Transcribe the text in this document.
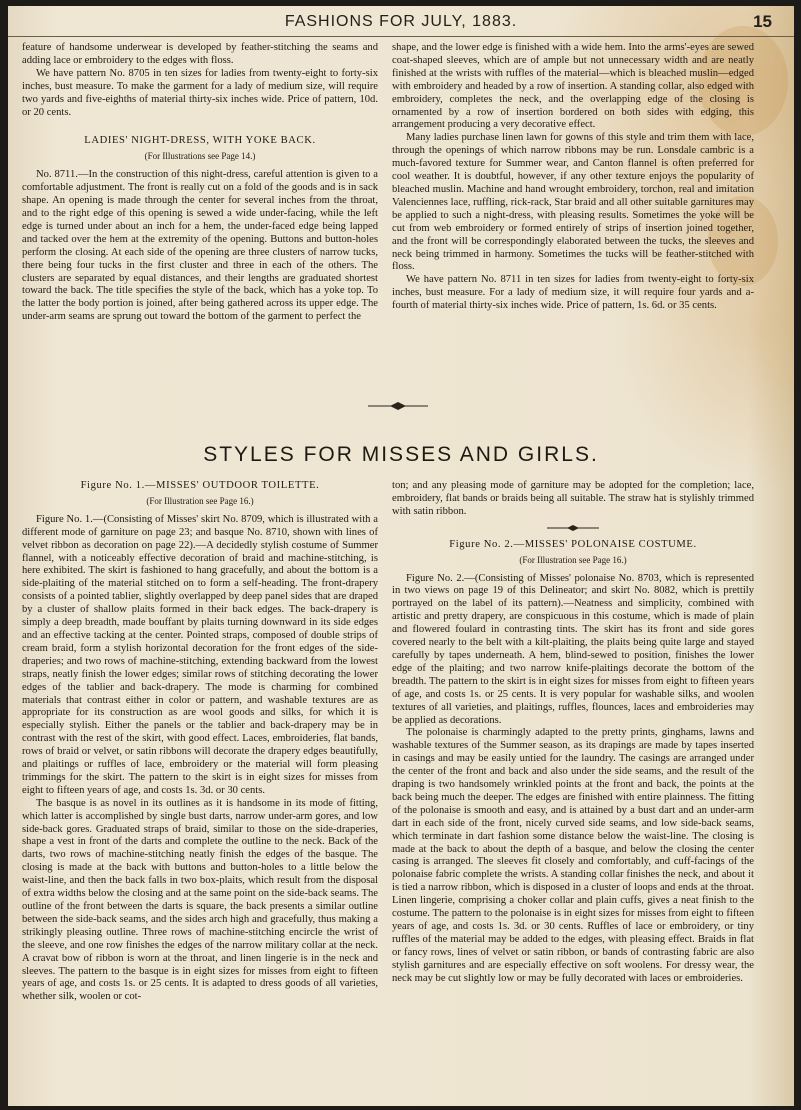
FASHIONS FOR JULY, 1883.	15

feature of handsome underwear is developed by feather-stitching the seams and adding lace or embroidery to the edges with floss.

We have pattern No. 8705 in ten sizes for ladies from twenty-eight to forty-six inches, bust measure. To make the garment for a lady of medium size, will require two yards and five-eighths of material thirty-six inches wide. Price of pattern, 10d. or 20 cents.

LADIES' NIGHT-DRESS, WITH YOKE BACK.
(For Illustrations see Page 14.)

No. 8711.—In the construction of this night-dress, careful attention is given to a comfortable adjustment. The front is really cut on a fold of the goods and is in sack shape. An opening is made through the center for several inches from the throat, and to the right edge of this opening is sewed a wide under-facing, while the left edge is turned under about an inch for a hem, the under-faced edge being lapped and tacked over the hem at the extremity of the opening. Buttons and button-holes perform the closing. At each side of the opening are three clusters of narrow tucks, there being four tucks in the first cluster and three in each of the others. The clusters are separated by equal distances, and their lengths are graduated shortest toward the back. The title specifies the style of the back, which has a yoke top. To the latter the body portion is joined, after being gathered across its upper edge. The under-arm seams are sprung out toward the bottom of the garment to perfect the

shape, and the lower edge is finished with a wide hem. Into the arms'-eyes are sewed coat-shaped sleeves, which are of ample but not unnecessary width and are neatly finished at the wrists with ruffles of the material—which is bleached muslin—edged with embroidery and headed by a row of insertion. A standing collar, also edged with embroidery, completes the neck, and the overlapping edge of the closing is ornamented by a row of insertion bordered on both sides with edging, this arrangement producing a very decorative effect.

Many ladies purchase linen lawn for gowns of this style and trim them with lace, through the openings of which narrow ribbons may be run. Lonsdale cambric is a much-favored texture for Summer wear, and Canton flannel is often preferred for cool weather. It is doubtful, however, if any other texture enjoys the popularity of bleached muslin. Machine and hand wrought embroidery, torchon, real and imitation Valenciennes lace, ruffling, rick-rack, Star braid and all other suitable garnitures may be applied to such a night-dress, with pleasing results. Sometimes the yoke will be cut from web embroidery or formed entirely of strips of insertion joined together, and the front will be correspondingly elaborated between the tucks, the sleeves and neck being trimmed in harmony. Sometimes the tucks will be feather-stitched with floss.

We have pattern No. 8711 in ten sizes for ladies from twenty-eight to forty-six inches, bust measure. For a lady of medium size, it will require four yards and a-fourth of material thirty-six inches wide. Price of pattern, 1s. 6d. or 35 cents.

STYLES FOR MISSES AND GIRLS.
Figure No. 1.—MISSES' OUTDOOR TOILETTE.
(For Illustration see Page 16.)

Figure No. 1.—(Consisting of Misses' skirt No. 8709, which is illustrated with a different mode of garniture on page 23; and basque No. 8710, shown with lines of velvet ribbon as decoration on page 22).—A decidedly stylish costume of Summer flannel, with a noticeably effective decoration of braid and machine-stitching, is here exhibited. The skirt is fashioned to hang gracefully, and about the bottom is a side-plaiting of the material stitched on to form a self-heading. The front-drapery consists of a pointed tablier, slightly overlapped by deep panel sides that are draped by a cluster of shallow plaits formed in their back edges. The back-drapery is simply a deep breadth, made bouffant by plaits turning downward in its side edges and an effective tacking at the center. Pointed straps, composed of double strips of cream braid, form a stylish horizontal decoration for the front edges of the side-draperies; and two rows of machine-stitching, extending backward from the lowest straps, neatly finish the lower edges; similar rows of stitching decorating the lower edges of the tablier and back-drapery. The mode is charming for combined materials that contrast either in color or pattern, and washable textures are as appropriate for its construction as are wool goods and silks, for which it is especially stylish. Either the panels or the tablier and back-drapery may be in contrast with the rest of the skirt, with good effect. Laces, embroideries, flat bands, rows of braid or velvet, or satin ribbons will decorate the drapery edges beautifully, and plaitings or ruffles of lace, embroidery or the material will form pleasing trimmings for the skirt. The pattern to the skirt is in eight sizes for misses from eight to fifteen years of age, and costs 1s. 3d. or 30 cents.

The basque is as novel in its outlines as it is handsome in its mode of fitting, which latter is accomplished by single bust darts, narrow under-arm gores, and low side-back gores. Graduated straps of braid, similar to those on the side-draperies, shape a vest in front of the darts and complete the outline to the neck. Back of the darts, two rows of machine-stitching neatly finish the edges of the basque. The closing is made at the back with buttons and button-holes to a little below the waist-line, and then the back falls in two box-plaits, which result from the disposal of extra widths below the closing and at the same point on the side-back seams. The outline of the front between the darts is square, the back presents a similar outline between the side-back seams, and the sides arch high and gracefully, thus making a strikingly pleasing outline. Three rows of machine-stitching encircle the wrist of the sleeve, and one row finishes the edges of the narrow military collar at the neck. A cravat bow of ribbon is worn at the throat, and linen lingerie is in the neck and sleeves. The pattern to the basque is in eight sizes for misses from eight to fifteen years of age, and costs 1s. or 25 cents. It is adapted to dress goods of all varieties, whether silk, woolen or cot-

ton; and any pleasing mode of garniture may be adopted for the completion; lace, embroidery, flat bands or braids being all suitable. The straw hat is stylishly trimmed with satin ribbon.

Figure No. 2.—MISSES' POLONAISE COSTUME.
(For Illustration see Page 16.)

Figure No. 2.—(Consisting of Misses' polonaise No. 8703, which is represented in two views on page 19 of this Delineator; and skirt No. 8082, which is prettily portrayed on the label of its pattern).—Neatness and simplicity, combined with artistic and pretty drapery, are conspicuous in this costume, which is made of plain and flowered foulard in contrasting tints. The skirt has its front and side gores covered nearly to the belt with a kilt-plaiting, the plaits being quite large and stayed carefully by tapes underneath. A hem, blind-sewed to position, finishes the lower edge of the plaiting; and two narrow knife-plaitings decorate the bottom of the breadth. The pattern to the skirt is in eight sizes for misses from eight to fifteen years of age, and costs 1s. or 25 cents. It is very popular for washable silks, and woolen textures of all varieties, and plaitings, ruffles, flounces, laces and embroideries may be applied as decorations.

The polonaise is charmingly adapted to the pretty prints, ginghams, lawns and washable textures of the Summer season, as its drapings are made by tapes inserted in casings and may be easily untied for the laundry. The casings are arranged under the center of the front and back and also under the side seams, and the result of the draping is two handsomely wrinkled points at the front and back, the points at the back being much the deeper. The edges are finished with entire plainness. The fitting of the polonaise is smooth and easy, and is attained by a bust dart and an under-arm dart in each side of the front, nicely curved side seams, and low side-back seams, which terminate in dart fashion some distance below the waist-line. The closing is made at the back to about the depth of a basque, and below the closing the center casing is arranged. The sleeves fit closely and comfortably, and cuff-facings of the polonaise fabric complete the wrists. A standing collar finishes the neck, and about it is tied a narrow ribbon, which is disposed in a cluster of loops and ends at the throat. Linen lingerie, comprising a choker collar and plain cuffs, gives a neat finish to the costume. The pattern to the polonaise is in eight sizes for misses from eight to fifteen years of age, and costs 1s. 3d. or 30 cents. Ruffles of lace or embroidery, or tiny ruffles of the material may be added to the edges, with pleasing effect. Braids in flat or fancy rows, lines of velvet or satin ribbon, or bands of contrasting fabric are also stylish garnitures and are especially effective on soft woolens. For dressy wear, the neck may be cut slightly low or may be fully decorated with laces or embroideries.
